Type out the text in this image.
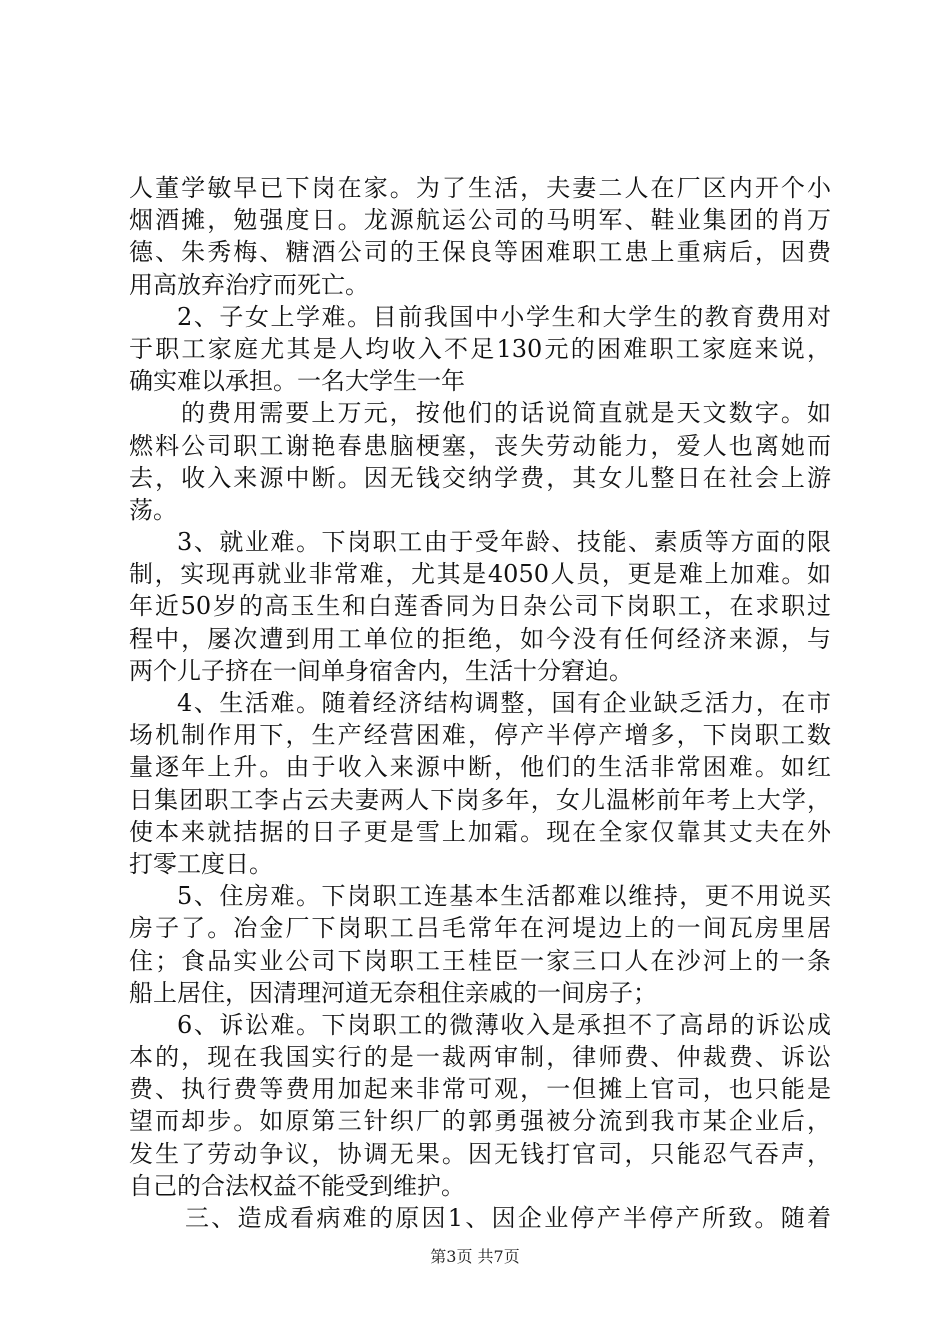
人董学敏早已下岗在家。为了生活，夫妻二人在厂区内开个小
烟酒摊，勉强度日。龙源航运公司的马明军、鞋业集团的肖万
德、朱秀梅、糖酒公司的王保良等困难职工患上重病后，因费
用高放弃治疗而死亡。
2、子女上学难。目前我国中小学生和大学生的教育费用对
于职工家庭尤其是人均收入不足130元的困难职工家庭来说，
确实难以承担。一名大学生一年
的费用需要上万元，按他们的话说简直就是天文数字。如
燃料公司职工谢艳春患脑梗塞，丧失劳动能力，爱人也离她而
去，收入来源中断。因无钱交纳学费，其女儿整日在社会上游
荡。
3、就业难。下岗职工由于受年龄、技能、素质等方面的限
制，实现再就业非常难，尤其是4050人员，更是难上加难。如
年近50岁的高玉生和白莲香同为日杂公司下岗职工，在求职过
程中，屡次遭到用工单位的拒绝，如今没有任何经济来源，与
两个儿子挤在一间单身宿舍内，生活十分窘迫。
4、生活难。随着经济结构调整，国有企业缺乏活力，在市
场机制作用下，生产经营困难，停产半停产增多，下岗职工数
量逐年上升。由于收入来源中断，他们的生活非常困难。如红
日集团职工李占云夫妻两人下岗多年，女儿温彬前年考上大学，
使本来就拮据的日子更是雪上加霜。现在全家仅靠其丈夫在外
打零工度日。
5、住房难。下岗职工连基本生活都难以维持，更不用说买
房子了。冶金厂下岗职工吕毛常年在河堤边上的一间瓦房里居
住；食品实业公司下岗职工王桂臣一家三口人在沙河上的一条
船上居住，因清理河道无奈租住亲戚的一间房子；
6、诉讼难。下岗职工的微薄收入是承担不了高昂的诉讼成
本的，现在我国实行的是一裁两审制，律师费、仲裁费、诉讼
费、执行费等费用加起来非常可观，一但摊上官司，也只能是
望而却步。如原第三针织厂的郭勇强被分流到我市某企业后，
发生了劳动争议，协调无果。因无钱打官司，只能忍气吞声，
自己的合法权益不能受到维护。
三、造成看病难的原因1、因企业停产半停产所致。随着
第3页 共7页
